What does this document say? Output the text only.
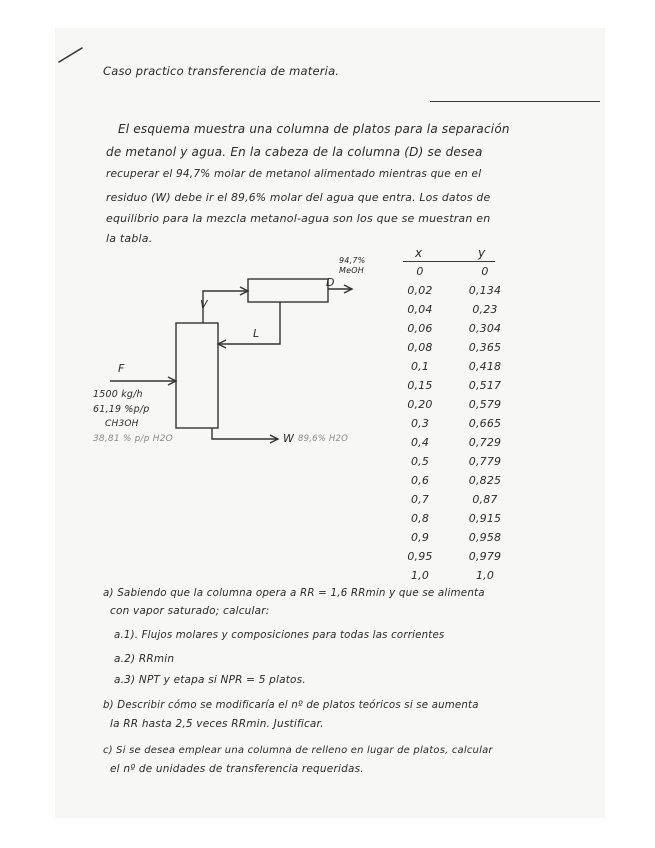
Caso practico transferencia de materia.
El esquema muestra una columna de platos para la separación
de metanol y agua. En la cabeza de la columna (D) se desea
recuperar el 94,7% molar de metanol alimentado mientras que en el
residuo (W) debe ir el 89,6% molar del agua que entra. Los datos de
equilibrio para la mezcla metanol-agua son los que se muestran en
la tabla.
V
L
D
94,7%
MeOH
F
1500 kg/h
61,19 %p/p
CH3OH
38,81 % p/p H2O	W 89,6% H2O
x	y
0	0
0,02	0,134
0,04	0,23
0,06	0,304
0,08	0,365
0,1	0,418
0,15	0,517
0,20	0,579
0,3	0,665
0,4	0,729
0,5	0,779
0,6	0,825
0,7	0,87
0,8	0,915
0,9	0,958
0,95	0,979
1,0	1,0
a) Sabiendo que la columna opera a RR = 1,6 RRmin y que se alimenta
con vapor saturado; calcular:
a.1). Flujos molares y composiciones para todas las corrientes
a.2) RRmin
a.3) NPT y etapa si NPR = 5 platos.
b) Describir cómo se modificaría el nº de platos teóricos si se aumenta
la RR hasta 2,5 veces RRmin. Justificar.
c) Si se desea emplear una columna de relleno en lugar de platos, calcular
el nº de unidades de transferencia requeridas.
